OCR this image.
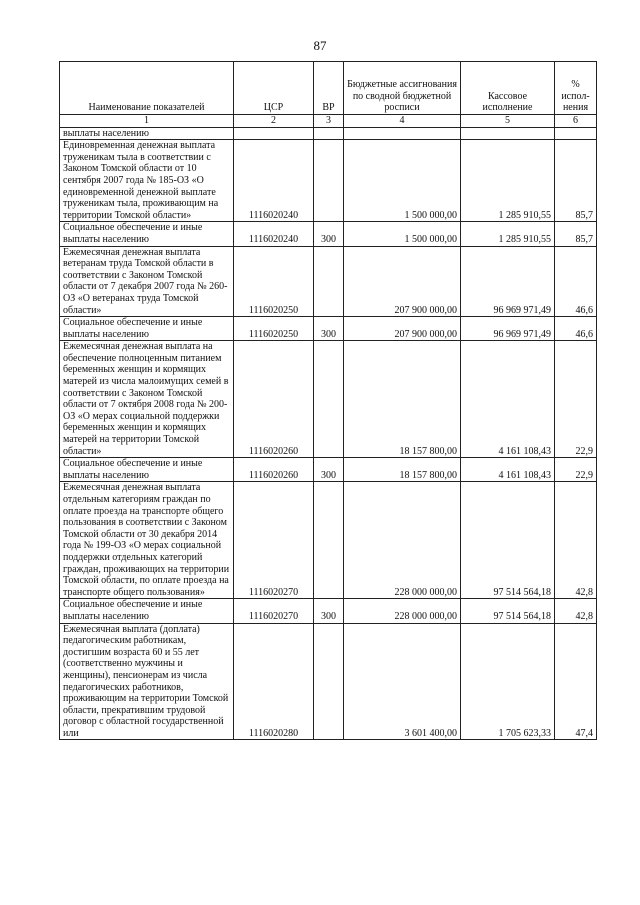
87
Наименование показателей	ЦСР	ВР	Бюджетные ассигнования по сводной бюджетной росписи	Кассовое исполнение	% испол-нения
1	2	3	4	5	6
выплаты населению					
Единовременная денежная выплата труженикам тыла в соответствии с Законом Томской области от 10 сентября 2007 года № 185-ОЗ «О единовременной денежной выплате труженикам тыла, проживающим на территории Томской области»	1116020240		1 500 000,00	1 285 910,55	85,7
Социальное обеспечение и иные выплаты населению	1116020240	300	1 500 000,00	1 285 910,55	85,7
Ежемесячная денежная выплата ветеранам труда Томской области в соответствии с Законом Томской области от 7 декабря 2007 года № 260-ОЗ «О ветеранах труда Томской области»	1116020250		207 900 000,00	96 969 971,49	46,6
Социальное обеспечение и иные выплаты населению	1116020250	300	207 900 000,00	96 969 971,49	46,6
Ежемесячная денежная выплата на обеспечение полноценным питанием беременных женщин и кормящих матерей из числа малоимущих семей в соответствии с Законом Томской области от 7 октября 2008 года № 200-ОЗ «О мерах социальной поддержки беременных женщин и кормящих матерей на территории Томской области»	1116020260		18 157 800,00	4 161 108,43	22,9
Социальное обеспечение и иные выплаты населению	1116020260	300	18 157 800,00	4 161 108,43	22,9
Ежемесячная денежная выплата отдельным категориям граждан по оплате проезда на транспорте общего пользования в соответствии с Законом Томской области от 30 декабря 2014 года № 199-ОЗ «О мерах социальной поддержки отдельных категорий граждан, проживающих на территории Томской области, по оплате проезда на транспорте общего пользования»	1116020270		228 000 000,00	97 514 564,18	42,8
Социальное обеспечение и иные выплаты населению	1116020270	300	228 000 000,00	97 514 564,18	42,8
Ежемесячная выплата (доплата) педагогическим работникам, достигшим возраста 60 и 55 лет (соответственно мужчины и женщины), пенсионерам из числа педагогических работников, проживающим на территории Томской области, прекратившим трудовой договор с областной государственной или	1116020280		3 601 400,00	1 705 623,33	47,4
